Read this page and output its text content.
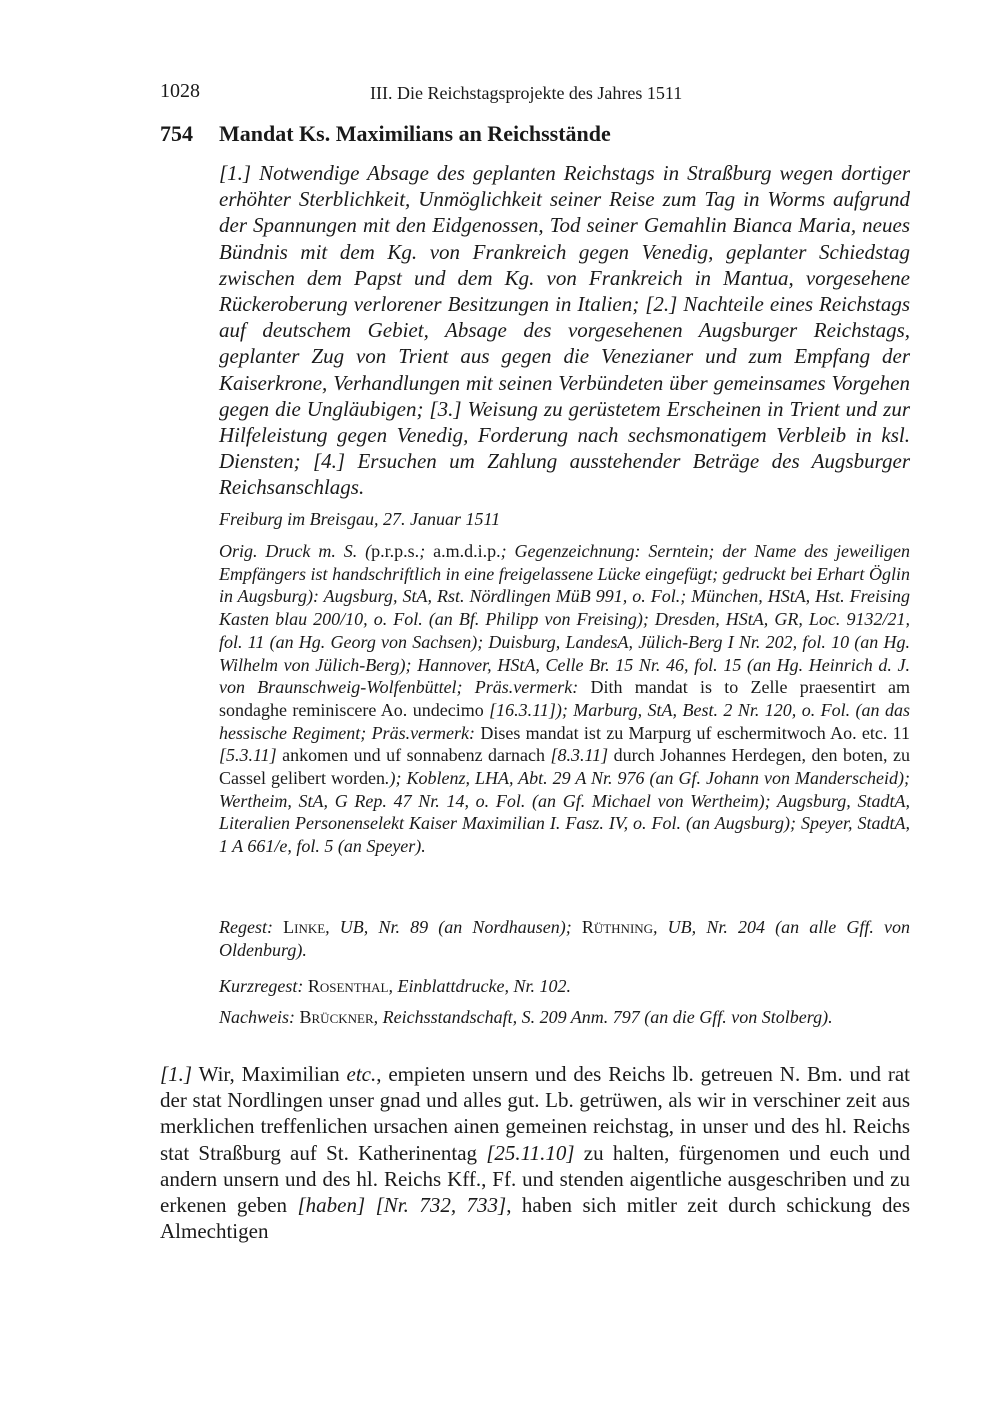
1028	III. Die Reichstagsprojekte des Jahres 1511
754 Mandat Ks. Maximilians an Reichsstände
[1.] Notwendige Absage des geplanten Reichstags in Straßburg wegen dortiger erhöhter Sterblichkeit, Unmöglichkeit seiner Reise zum Tag in Worms aufgrund der Spannungen mit den Eidgenossen, Tod seiner Gemahlin Bianca Maria, neues Bündnis mit dem Kg. von Frankreich gegen Venedig, geplanter Schiedstag zwischen dem Papst und dem Kg. von Frankreich in Mantua, vorgesehene Rückeroberung verlorener Besitzungen in Italien; [2.] Nachteile eines Reichstags auf deutschem Gebiet, Absage des vorgesehenen Augsburger Reichstags, geplanter Zug von Trient aus gegen die Venezianer und zum Empfang der Kaiserkrone, Verhandlungen mit seinen Verbündeten über gemeinsames Vorgehen gegen die Ungläubigen; [3.] Weisung zu gerüstetem Erscheinen in Trient und zur Hilfeleistung gegen Venedig, Forderung nach sechsmonatigem Verbleib in ksl. Diensten; [4.] Ersuchen um Zahlung ausstehender Beträge des Augsburger Reichsanschlags.
Freiburg im Breisgau, 27. Januar 1511
Orig. Druck m. S. (p.r.p.s.; a.m.d.i.p.; Gegenzeichnung: Serntein; der Name des jeweiligen Empfängers ist handschriftlich in eine freigelassene Lücke eingefügt; gedruckt bei Erhart Öglin in Augsburg): Augsburg, StA, Rst. Nördlingen MüB 991, o. Fol.; München, HStA, Hst. Freising Kasten blau 200/10, o. Fol. (an Bf. Philipp von Freising); Dresden, HStA, GR, Loc. 9132/21, fol. 11 (an Hg. Georg von Sachsen); Duisburg, LandesA, Jülich-Berg I Nr. 202, fol. 10 (an Hg. Wilhelm von Jülich-Berg); Hannover, HStA, Celle Br. 15 Nr. 46, fol. 15 (an Hg. Heinrich d. J. von Braunschweig-Wolfenbüttel; Präs.vermerk: Dith mandat is to Zelle praesentirt am sondaghe reminiscere Ao. undecimo [16.3.11]); Marburg, StA, Best. 2 Nr. 120, o. Fol. (an das hessische Regiment; Präs.vermerk: Dises mandat ist zu Marpurg uf eschermitwoch Ao. etc. 11 [5.3.11] ankomen und uf sonnabenz darnach [8.3.11] durch Johannes Herdegen, den boten, zu Cassel gelibert worden.); Koblenz, LHA, Abt. 29 A Nr. 976 (an Gf. Johann von Manderscheid); Wertheim, StA, G Rep. 47 Nr. 14, o. Fol. (an Gf. Michael von Wertheim); Augsburg, StadtA, Literalien Personenselekt Kaiser Maximilian I. Fasz. IV, o. Fol. (an Augsburg); Speyer, StadtA, 1 A 661/e, fol. 5 (an Speyer).
Regest: Linke, UB, Nr. 89 (an Nordhausen); Rüthning, UB, Nr. 204 (an alle Gff. von Oldenburg).
Kurzregest: Rosenthal, Einblattdrucke, Nr. 102.
Nachweis: Brückner, Reichsstandschaft, S. 209 Anm. 797 (an die Gff. von Stolberg).
[1.] Wir, Maximilian etc., empieten unsern und des Reichs lb. getreuen N. Bm. und rat der stat Nordlingen unser gnad und alles gut. Lb. getrüwen, als wir in verschiner zeit aus merklichen treffenlichen ursachen ainen gemeinen reichstag, in unser und des hl. Reichs stat Straßburg auf St. Katherinentag [25.11.10] zu halten, fürgenomen und euch und andern unsern und des hl. Reichs Kff., Ff. und stenden aigentliche ausgeschriben und zu erkenen geben [haben] [Nr. 732, 733], haben sich mitler zeit durch schickung des Almechtigen
